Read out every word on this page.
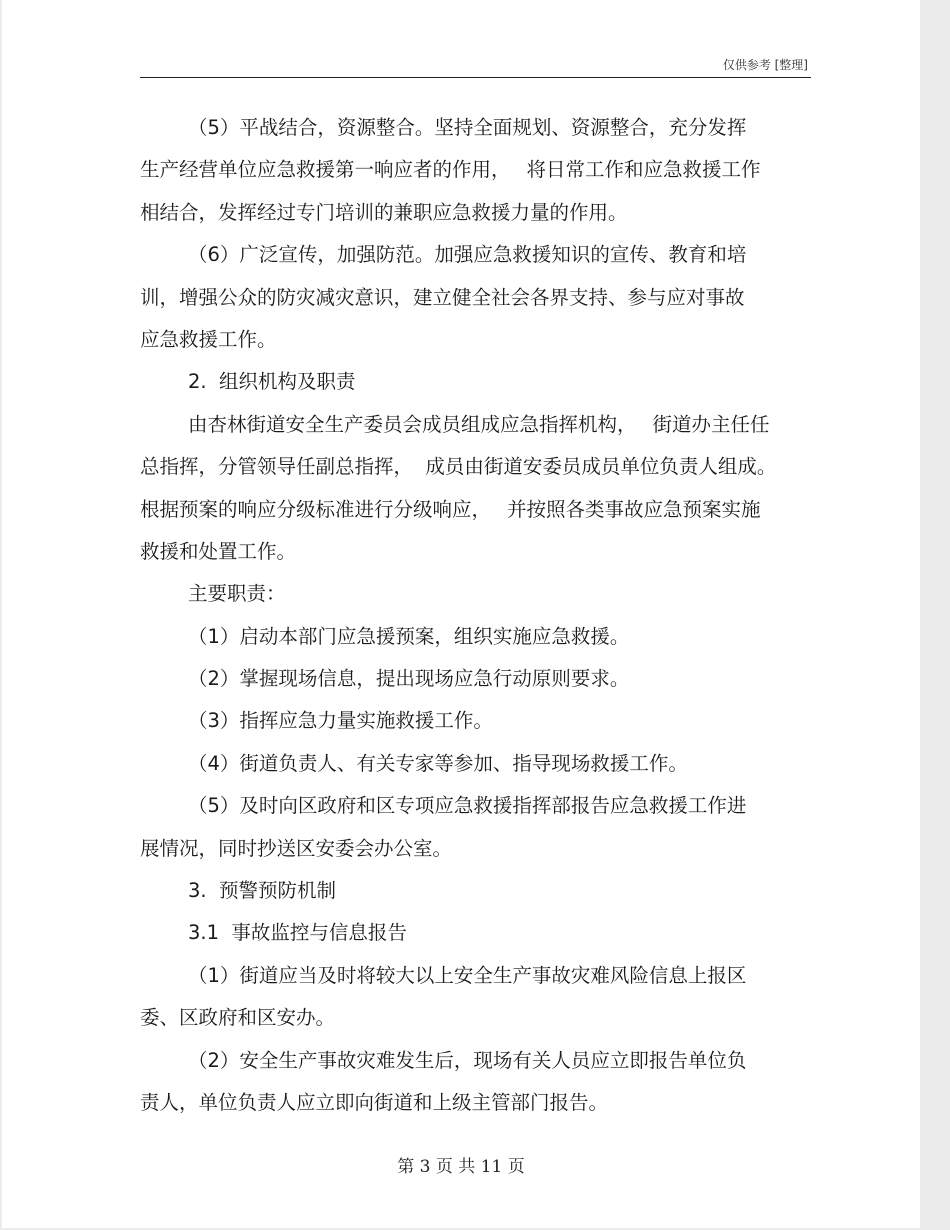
仅供参考 [整理]
（5）平战结合，资源整合。坚持全面规划、资源整合，充分发挥
生产经营单位应急救援第一响应者的作用，　 将日常工作和应急救援工作
相结合，发挥经过专门培训的兼职应急救援力量的作用。
（6）广泛宣传，加强防范。加强应急救援知识的宣传、教育和培
训，增强公众的防灾减灾意识，建立健全社会各界支持、参与应对事故
应急救援工作。
2.  组织机构及职责
由杏林街道安全生产委员会成员组成应急指挥机构，　 街道办主任任
总指挥，分管领导任副总指挥，  成员由街道安委员成员单位负责人组成。
根据预案的响应分级标准进行分级响应，　 并按照各类事故应急预案实施
救援和处置工作。
主要职责：
（1）启动本部门应急援预案，组织实施应急救援。
（2）掌握现场信息，提出现场应急行动原则要求。
（3）指挥应急力量实施救援工作。
（4）街道负责人、有关专家等参加、指导现场救援工作。
（5）及时向区政府和区专项应急救援指挥部报告应急救援工作进
展情况，同时抄送区安委会办公室。
3.  预警预防机制
3.1  事故监控与信息报告
（1）街道应当及时将较大以上安全生产事故灾难风险信息上报区
委、区政府和区安办。
（2）安全生产事故灾难发生后，现场有关人员应立即报告单位负
责人，单位负责人应立即向街道和上级主管部门报告。
第 3 页 共 11 页
